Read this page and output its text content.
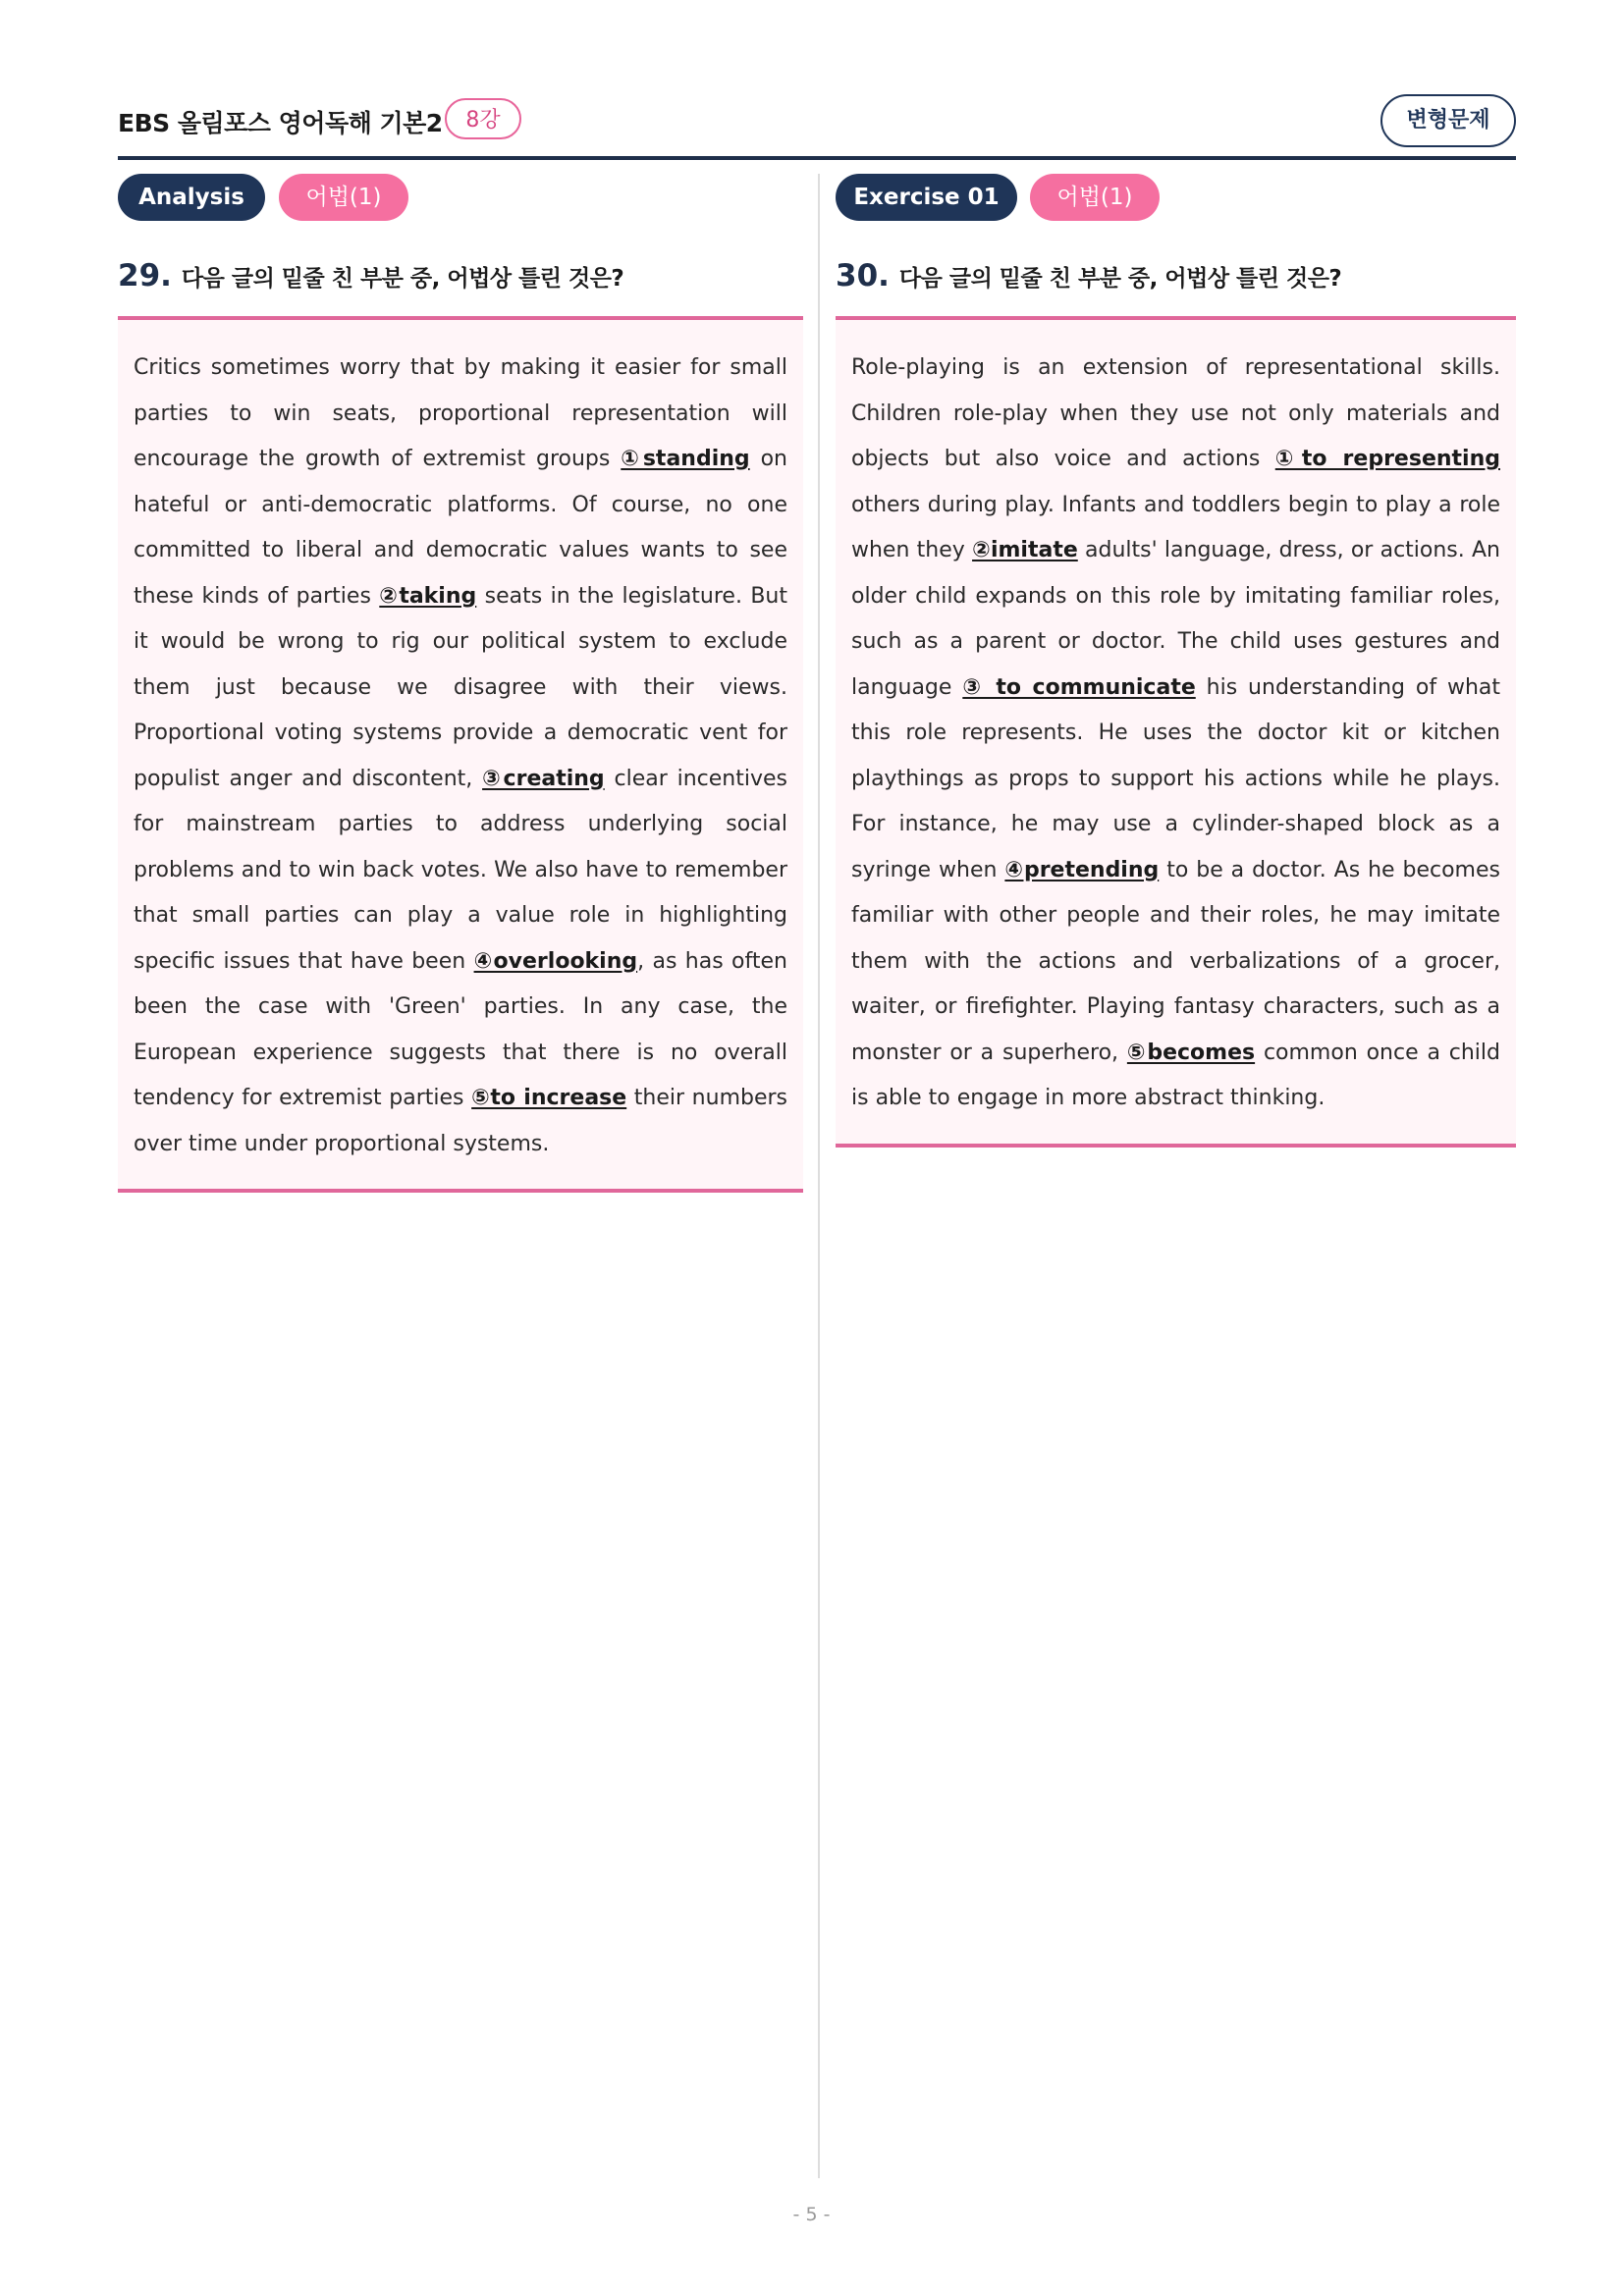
EBS 올림포스 영어독해 기본2	8강	변형문제
Analysis	어법(1)
29. 다음 글의 밑줄 친 부분 중, 어법상 틀린 것은?

Critics sometimes worry that by making it easier for small parties to win seats, proportional representation will encourage the growth of extremist groups ①standing on hateful or anti-democratic platforms. Of course, no one committed to liberal and democratic values wants to see these kinds of parties ②taking seats in the legislature. But it would be wrong to rig our political system to exclude them just because we disagree with their views. Proportional voting systems provide a democratic vent for populist anger and discontent, ③creating clear incentives for mainstream parties to address underlying social problems and to win back votes. We also have to remember that small parties can play a value role in highlighting specific issues that have been ④overlooking, as has often been the case with 'Green' parties. In any case, the European experience suggests that there is no overall tendency for extremist parties ⑤to increase their numbers over time under proportional systems.

Exercise 01	어법(1)
30. 다음 글의 밑줄 친 부분 중, 어법상 틀린 것은?

Role-playing is an extension of representational skills. Children role-play when they use not only materials and objects but also voice and actions ①to representing others during play. Infants and toddlers begin to play a role when they ②imitate adults' language, dress, or actions. An older child expands on this role by imitating familiar roles, such as a parent or doctor. The child uses gestures and language ③ to communicate his understanding of what this role represents. He uses the doctor kit or kitchen playthings as props to support his actions while he plays. For instance, he may use a cylinder-shaped block as a syringe when ④pretending to be a doctor. As he becomes familiar with other people and their roles, he may imitate them with the actions and verbalizations of a grocer, waiter, or firefighter. Playing fantasy characters, such as a monster or a superhero, ⑤becomes common once a child is able to engage in more abstract thinking.

- 5 -
